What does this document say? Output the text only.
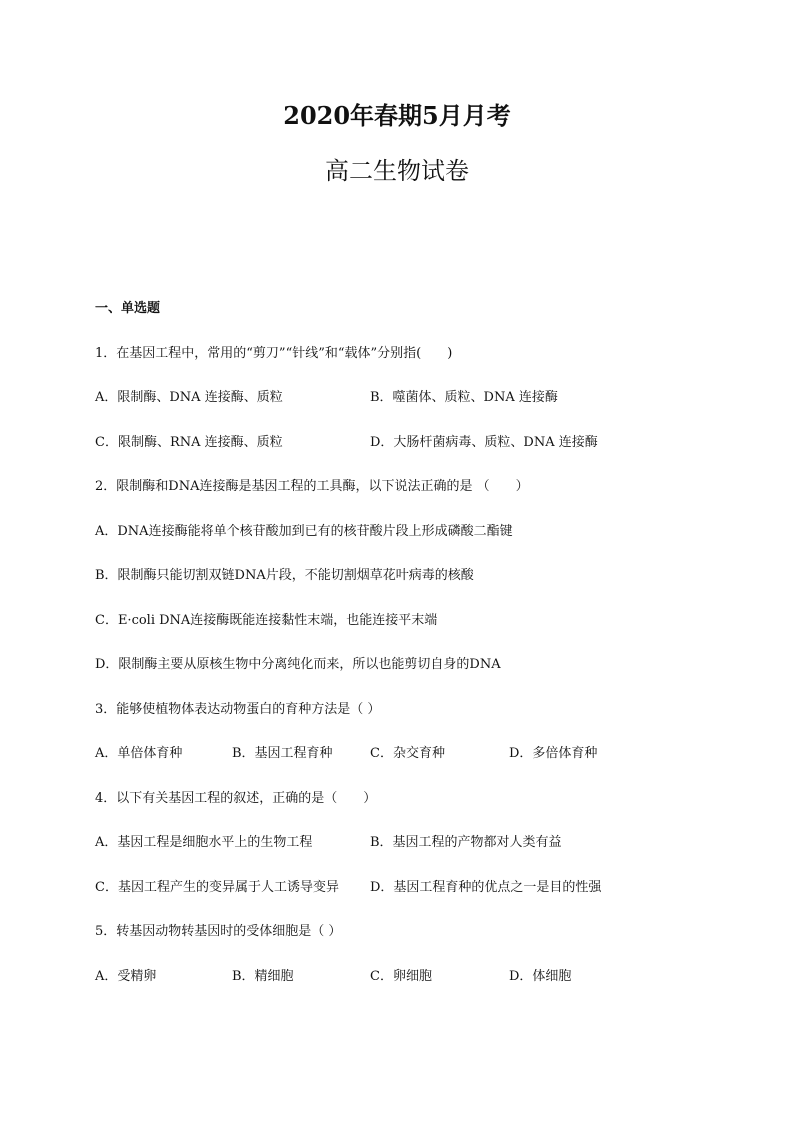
2020年春期5月月考
高二生物试卷
一、单选题
1．在基因工程中，常用的“剪刀”“针线”和“载体”分别指(　　)
A．限制酶、DNA 连接酶、质粒	B．噬菌体、质粒、DNA 连接酶
C．限制酶、RNA 连接酶、质粒	D．大肠杆菌病毒、质粒、DNA 连接酶
2．限制酶和DNA连接酶是基因工程的工具酶，以下说法正确的是 （　　）
A．DNA连接酶能将单个核苷酸加到已有的核苷酸片段上形成磷酸二酯键
B．限制酶只能切割双链DNA片段，不能切割烟草花叶病毒的核酸
C．E·coli DNA连接酶既能连接黏性末端，也能连接平末端
D．限制酶主要从原核生物中分离纯化而来，所以也能剪切自身的DNA
3．能够使植物体表达动物蛋白的育种方法是（ ）
A．单倍体育种	B．基因工程育种	C．杂交育种	D．多倍体育种
4．以下有关基因工程的叙述，正确的是（　　）
A．基因工程是细胞水平上的生物工程	B．基因工程的产物都对人类有益
C．基因工程产生的变异属于人工诱导变异 D．基因工程育种的优点之一是目的性强
5．转基因动物转基因时的受体细胞是（ ）
A．受精卵	B．精细胞	C．卵细胞	D．体细胞
